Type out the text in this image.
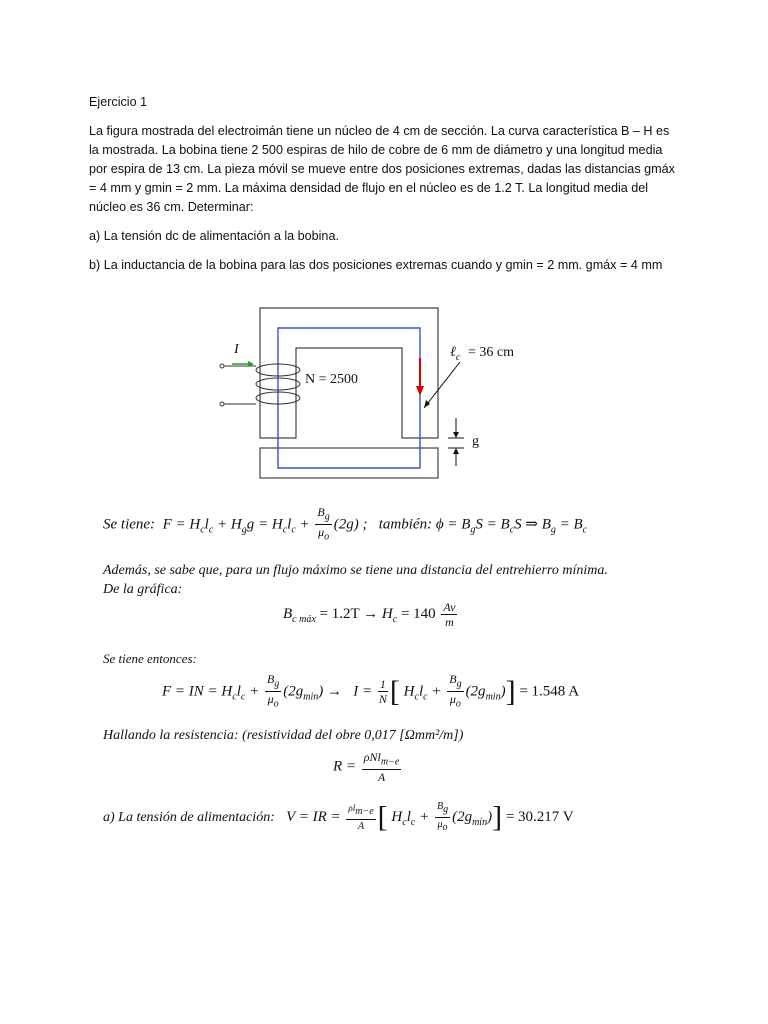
Ejercicio 1
La figura mostrada del electroimán tiene un núcleo de 4 cm de sección. La curva característica B – H es la mostrada. La bobina tiene 2 500 espiras de hilo de cobre de 6 mm de diámetro y una longitud media por espira de 13 cm. La pieza móvil se mueve entre dos posiciones extremas, dadas las distancias gmáx = 4 mm y gmin = 2 mm. La máxima densidad de flujo en el núcleo es de 1.2 T. La longitud media del núcleo es 36 cm. Determinar:
a) La tensión dc de alimentación a la bobina.
b) La inductancia de la bobina para las dos posiciones extremas cuando y gmin = 2 mm. gmáx = 4 mm
I
N = 2500
ℓ$_c$ = 36 cm
g
Se tiene:  $F = H_cl_c + H_gg = H_cl_c + \frac{B_g}{\mu_o} (2g)$ ;   también: $\phi = B_gS = B_cS$ ⇒ $B_g = B_c$
Además, se sabe que, para un flujo máximo se tiene una distancia del entrehierro mínima.
De la gráfica:
$B_{c máx} = 1.2T \to H_c = 140 \frac{Av}{m}$
Se tiene entonces:
F = IN = $H_cl_c + \frac{B_g}{\mu_o} (2g_{min}) \to I = \frac{1}{N}$ [ $H_cl_c + \frac{B_g}{\mu_o} (2g_{min})] = 1.548$ A
Hallando la resistencia: (resistividad del obre 0,017 [Ωmm²/m])
$R = \frac{\rho Nl_{m-e}}{A}$
a) La tensión de alimentación:   V = IR = $\frac{\rho l_{m-e}}{A}$ [ $H_cl_c + \frac{B_g}{\mu_o} (2g_{min})] = 30.217$ V
